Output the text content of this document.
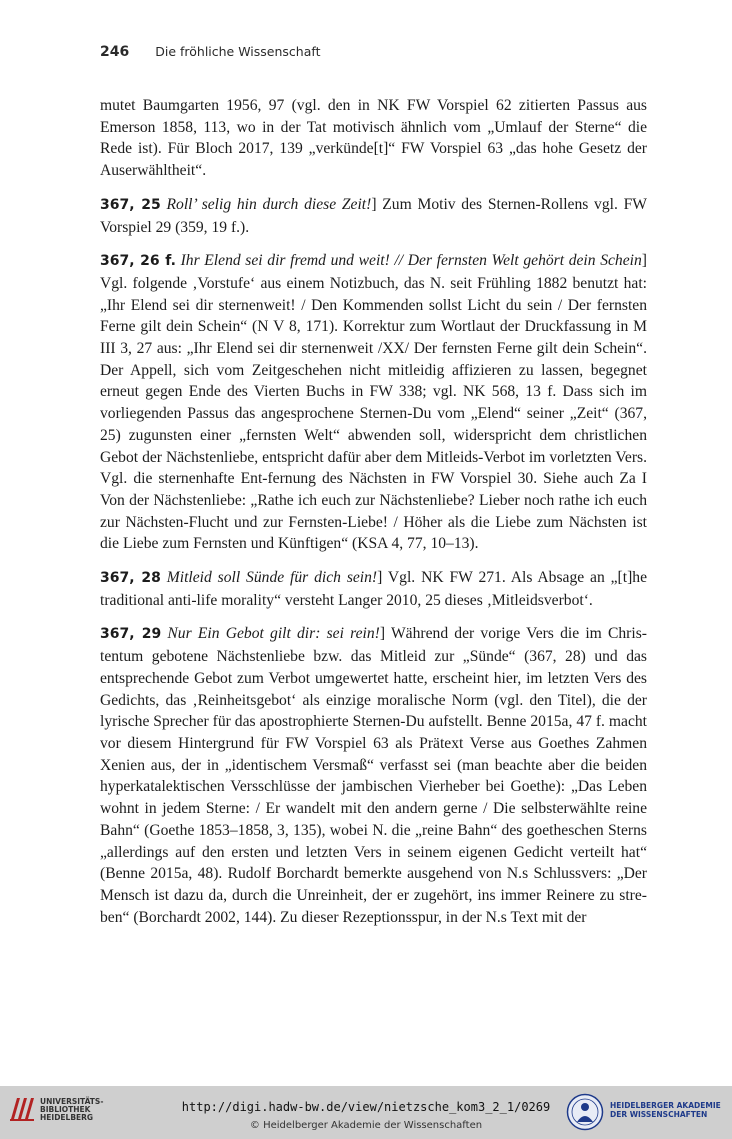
246 Die fröhliche Wissenschaft

mutet Baumgarten 1956, 97 (vgl. den in NK FW Vorspiel 62 zitierten Passus aus Emerson 1858, 113, wo in der Tat motivisch ähnlich vom „Umlauf der Sterne“ die Rede ist). Für Bloch 2017, 139 „verkünde[t]“ FW Vorspiel 63 „das hohe Gesetz der Auserwähltheit“.

367, 25 Roll’ selig hin durch diese Zeit!] Zum Motiv des Sternen-Rollens vgl. FW Vorspiel 29 (359, 19 f.).

367, 26 f. Ihr Elend sei dir fremd und weit! // Der fernsten Welt gehört dein Schein] Vgl. folgende ‚Vorstufe‘ aus einem Notizbuch, das N. seit Frühling 1882 benutzt hat: „Ihr Elend sei dir sternenweit! / Den Kommenden sollst Licht du sein / Der fernsten Ferne gilt dein Schein“ (N V 8, 171). Korrektur zum Wortlaut der Druckfassung in M III 3, 27 aus: „Ihr Elend sei dir sternenweit /XX/ Der fernsten Ferne gilt dein Schein“. Der Appell, sich vom Zeitgeschehen nicht mitleidig affizieren zu lassen, begegnet erneut gegen Ende des Vierten Buchs in FW 338; vgl. NK 568, 13 f. Dass sich im vorliegenden Passus das angesprochene Sternen-Du vom „Elend“ seiner „Zeit“ (367, 25) zugunsten einer „fernsten Welt“ abwenden soll, widerspricht dem christlichen Gebot der Nächstenliebe, entspricht dafür aber dem Mitleids-Verbot im vorletzten Vers. Vgl. die sternenhafte Ent-fernung des Nächsten in FW Vorspiel 30. Siehe auch Za I Von der Nächstenliebe: „Rathe ich euch zur Nächstenliebe? Lieber noch rathe ich euch zur Nächsten-Flucht und zur Fernsten-Liebe! / Höher als die Liebe zum Nächsten ist die Liebe zum Fernsten und Künftigen“ (KSA 4, 77, 10–13).

367, 28 Mitleid soll Sünde für dich sein!] Vgl. NK FW 271. Als Absage an „[t]he traditional anti-life morality“ versteht Langer 2010, 25 dieses ‚Mitleidsverbot‘.

367, 29 Nur Ein Gebot gilt dir: sei rein!] Während der vorige Vers die im Christentum gebotene Nächstenliebe bzw. das Mitleid zur „Sünde“ (367, 28) und das entsprechende Gebot zum Verbot umgewertet hatte, erscheint hier, im letzten Vers des Gedichts, das ‚Reinheitsgebot‘ als einzige moralische Norm (vgl. den Titel), die der lyrische Sprecher für das apostrophierte Sternen-Du aufstellt. Benne 2015a, 47 f. macht vor diesem Hintergrund für FW Vorspiel 63 als Prätext Verse aus Goethes Zahmen Xenien aus, der in „identischem Versmaß“ verfasst sei (man beachte aber die beiden hyperkatalektischen Versschlüsse der jambischen Vierheber bei Goethe): „Das Leben wohnt in jedem Sterne: / Er wandelt mit den andern gerne / Die selbsterwählte reine Bahn“ (Goethe 1853–1858, 3, 135), wobei N. die „reine Bahn“ des goetheschen Sterns „allerdings auf den ersten und letzten Vers in seinem eigenen Gedicht verteilt hat“ (Benne 2015a, 48). Rudolf Borchardt bemerkte ausgehend von N.s Schlussvers: „Der Mensch ist dazu da, durch die Unreinheit, der er zugehört, ins immer Reinere zu streben“ (Borchardt 2002, 144). Zu dieser Rezeptionsspur, in der N.s Text mit der

UNIVERSITÄTS-
BIBLIOTHEK
HEIDELBERG
http://digi.hadw-bw.de/view/nietzsche_kom3_2_1/0269
© Heidelberger Akademie der Wissenschaften
HEIDELBERGER AKADEMIE
DER WISSENSCHAFTEN
